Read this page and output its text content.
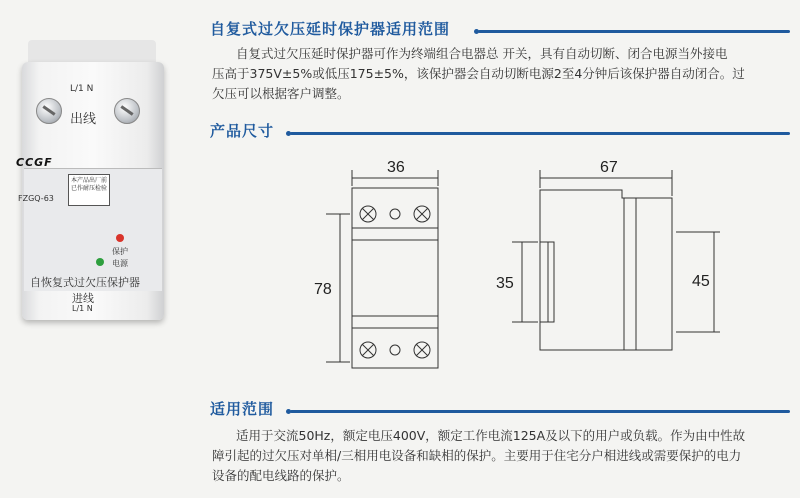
L/1 N
出线
CCGF
FZGQ-63
本产品出厂前已作耐压检验
保护
电源
自恢复式过欠压保护器
进线
L/1 N
自复式过欠压延时保护器适用范围

自复式过欠压延时保护器可作为终端组合电器总 开关，具有自动切断、闭合电源当外接电

压高于375V±5%或低压175±5%，该保护器会自动切断电源2至4分钟后该保护器自动闭合。过

欠压可以根据客户调整。

产品尺寸
36
78	35
67
45
适用范围

适用于交流50Hz，额定电压400V，额定工作电流125A及以下的用户或负载。作为由中性故

障引起的过欠压对单相/三相用电设备和缺相的保护。主要用于住宅分户相进线或需要保护的电力

设备的配电线路的保护。
